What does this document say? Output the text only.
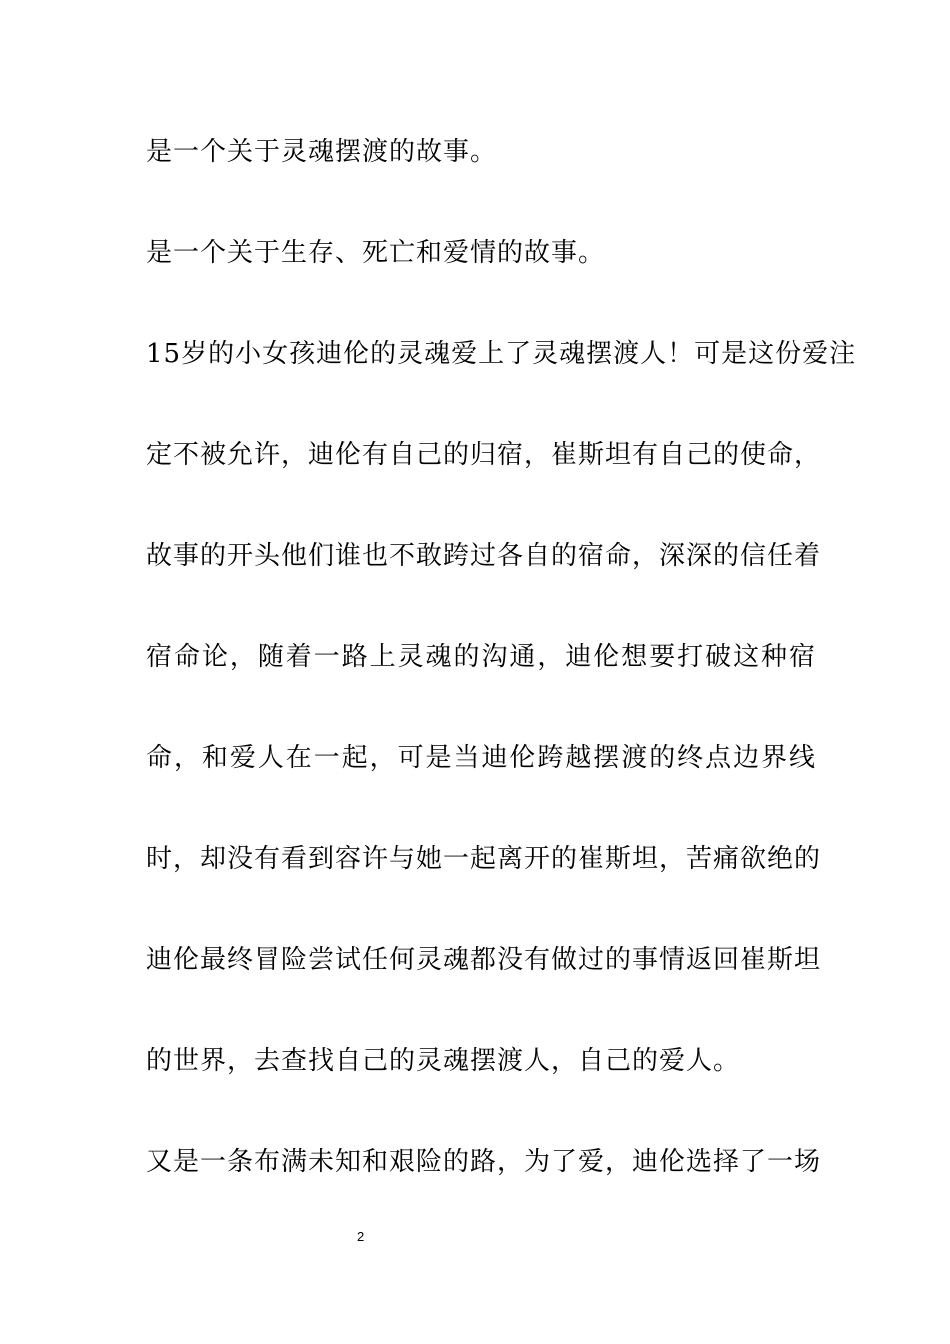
是一个关于灵魂摆渡的故事。
是一个关于生存、死亡和爱情的故事。
15岁的小女孩迪伦的灵魂爱上了灵魂摆渡人！可是这份爱注
定不被允许，迪伦有自己的归宿，崔斯坦有自己的使命，
故事的开头他们谁也不敢跨过各自的宿命，深深的信任着
宿命论，随着一路上灵魂的沟通，迪伦想要打破这种宿
命，和爱人在一起，可是当迪伦跨越摆渡的终点边界线
时，却没有看到容许与她一起离开的崔斯坦，苦痛欲绝的
迪伦最终冒险尝试任何灵魂都没有做过的事情返回崔斯坦
的世界，去查找自己的灵魂摆渡人，自己的爱人。
又是一条布满未知和艰险的路，为了爱，迪伦选择了一场
2
